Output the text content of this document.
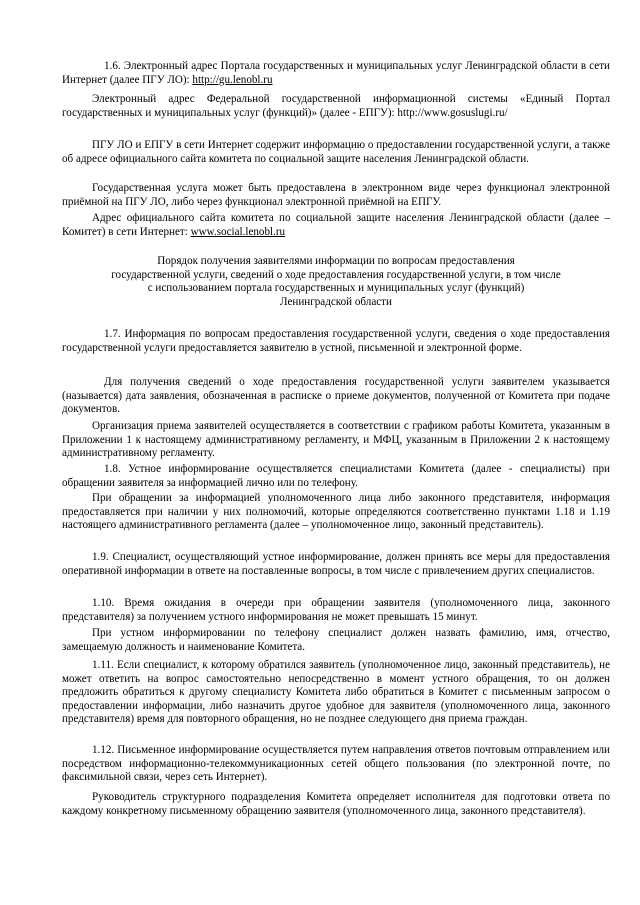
1.6. Электронный адрес Портала государственных и муниципальных услуг Ленинградской области в сети Интернет (далее ПГУ ЛО): http://gu.lenobl.ru

Электронный адрес Федеральной государственной информационной системы «Единый Портал государственных и муниципальных услуг (функций)» (далее - ЕПГУ): http://www.gosuslugi.ru/

ПГУ ЛО и ЕПГУ в сети Интернет содержит информацию о предоставлении государственной услуги, а также об адресе официального сайта комитета по социальной защите населения Ленинградской области.

Государственная услуга может быть предоставлена в электронном виде через функционал электронной приёмной на ПГУ ЛО, либо через функционал электронной приёмной на ЕПГУ.

Адрес официального сайта комитета по социальной защите населения Ленинградской области (далее – Комитет) в сети Интернет: www.social.lenobl.ru

Порядок получения заявителями информации по вопросам предоставления

государственной услуги, сведений о ходе предоставления государственной услуги, в том числе

с использованием портала государственных и муниципальных услуг (функций)

Ленинградской области

1.7. Информация по вопросам предоставления государственной услуги, сведения о ходе предоставления государственной услуги предоставляется заявителю в устной, письменной и электронной форме.

Для получения сведений о ходе предоставления государственной услуги заявителем указывается (называется) дата заявления, обозначенная в расписке о приеме документов, полученной от Комитета при подаче документов.

Организация приема заявителей осуществляется в соответствии с графиком работы Комитета, указанным в Приложении 1 к настоящему административному регламенту, и МФЦ, указанным в Приложении 2 к настоящему административному регламенту.

1.8. Устное информирование осуществляется специалистами Комитета (далее - специалисты) при обращении заявителя за информацией лично или по телефону.

При обращении за информацией уполномоченного лица либо законного представителя, информация предоставляется при наличии у них полномочий, которые определяются соответственно пунктами 1.18 и 1.19 настоящего административного регламента (далее – уполномоченное лицо, законный представитель).

1.9. Специалист, осуществляющий устное информирование, должен принять все меры для предоставления оперативной информации в ответе на поставленные вопросы, в том числе с привлечением других специалистов.

1.10. Время ожидания в очереди при обращении заявителя (уполномоченного лица, законного представителя) за получением устного информирования не может превышать 15 минут.

При устном информировании по телефону специалист должен назвать фамилию, имя, отчество, замещаемую должность и наименование Комитета.

1.11. Если специалист, к которому обратился заявитель (уполномоченное лицо, законный представитель), не может ответить на вопрос самостоятельно непосредственно в момент устного обращения, то он должен предложить обратиться к другому специалисту Комитета либо обратиться в Комитет с письменным запросом о предоставлении информации, либо назначить другое удобное для заявителя (уполномоченного лица, законного представителя) время для повторного обращения, но не позднее следующего дня приема граждан.

1.12. Письменное информирование осуществляется путем направления ответов почтовым отправлением или посредством информационно-телекоммуникационных сетей общего пользования (по электронной почте, по факсимильной связи, через сеть Интернет).

Руководитель структурного подразделения Комитета определяет исполнителя для подготовки ответа по каждому конкретному письменному обращению заявителя (уполномоченного лица, законного представителя).
